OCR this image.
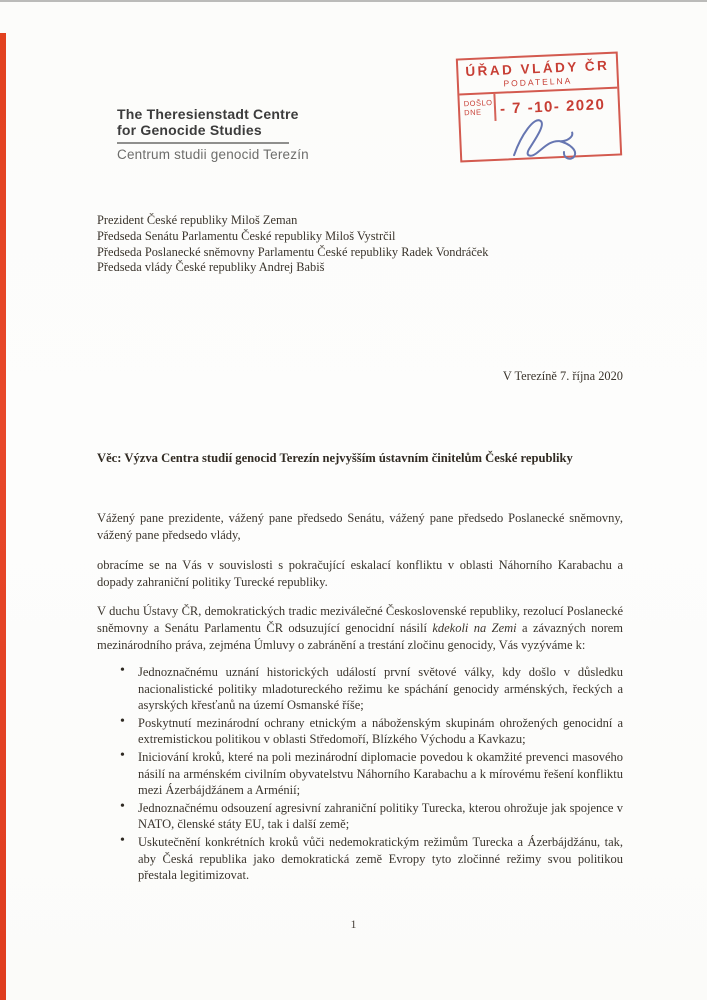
The Theresienstadt Centre
for Genocide Studies
Centrum studii genocid Terezín
ÚŘAD VLÁDY ČR
PODATELNA
DOŠLO
DNE	- 7 -10- 2020
Prezident České republiky Miloš Zeman
Předseda Senátu Parlamentu České republiky Miloš Vystrčil
Předseda Poslanecké sněmovny Parlamentu České republiky Radek Vondráček
Předseda vlády České republiky Andrej Babiš
V Terezíně 7. října 2020
Věc: Výzva Centra studií genocid Terezín nejvyšším ústavním činitelům České republiky

Vážený pane prezidente, vážený pane předsedo Senátu, vážený pane předsedo Poslanecké sněmovny, vážený pane předsedo vlády,

obracíme se na Vás v souvislosti s pokračující eskalací konfliktu v oblasti Náhorního Karabachu a dopady zahraniční politiky Turecké republiky.

V duchu Ústavy ČR, demokratických tradic meziválečné Československé republiky, rezolucí Poslanecké sněmovny a Senátu Parlamentu ČR odsuzující genocidní násilí kdekoli na Zemi a závazných norem mezinárodního práva, zejména Úmluvy o zabránění a trestání zločinu genocidy, Vás vyzýváme k:

• Jednoznačnému uznání historických událostí první světové války, kdy došlo v důsledku nacionalistické politiky mladotureckého režimu ke spáchání genocidy arménských, řeckých a asyrských křesťanů na území Osmanské říše;
• Poskytnutí mezinárodní ochrany etnickým a náboženským skupinám ohrožených genocidní a extremistickou politikou v oblasti Středomoří, Blízkého Východu a Kavkazu;
• Iniciování kroků, které na poli mezinárodní diplomacie povedou k okamžité prevenci masového násilí na arménském civilním obyvatelstvu Náhorního Karabachu a k mírovému řešení konfliktu mezi Ázerbájdžánem a Arménií;
• Jednoznačnému odsouzení agresivní zahraniční politiky Turecka, kterou ohrožuje jak spojence v NATO, členské státy EU, tak i další země;
• Uskutečnění konkrétních kroků vůči nedemokratickým režimům Turecka a Ázerbájdžánu, tak, aby Česká republika jako demokratická země Evropy tyto zločinné režimy svou politikou přestala legitimizovat.
1
